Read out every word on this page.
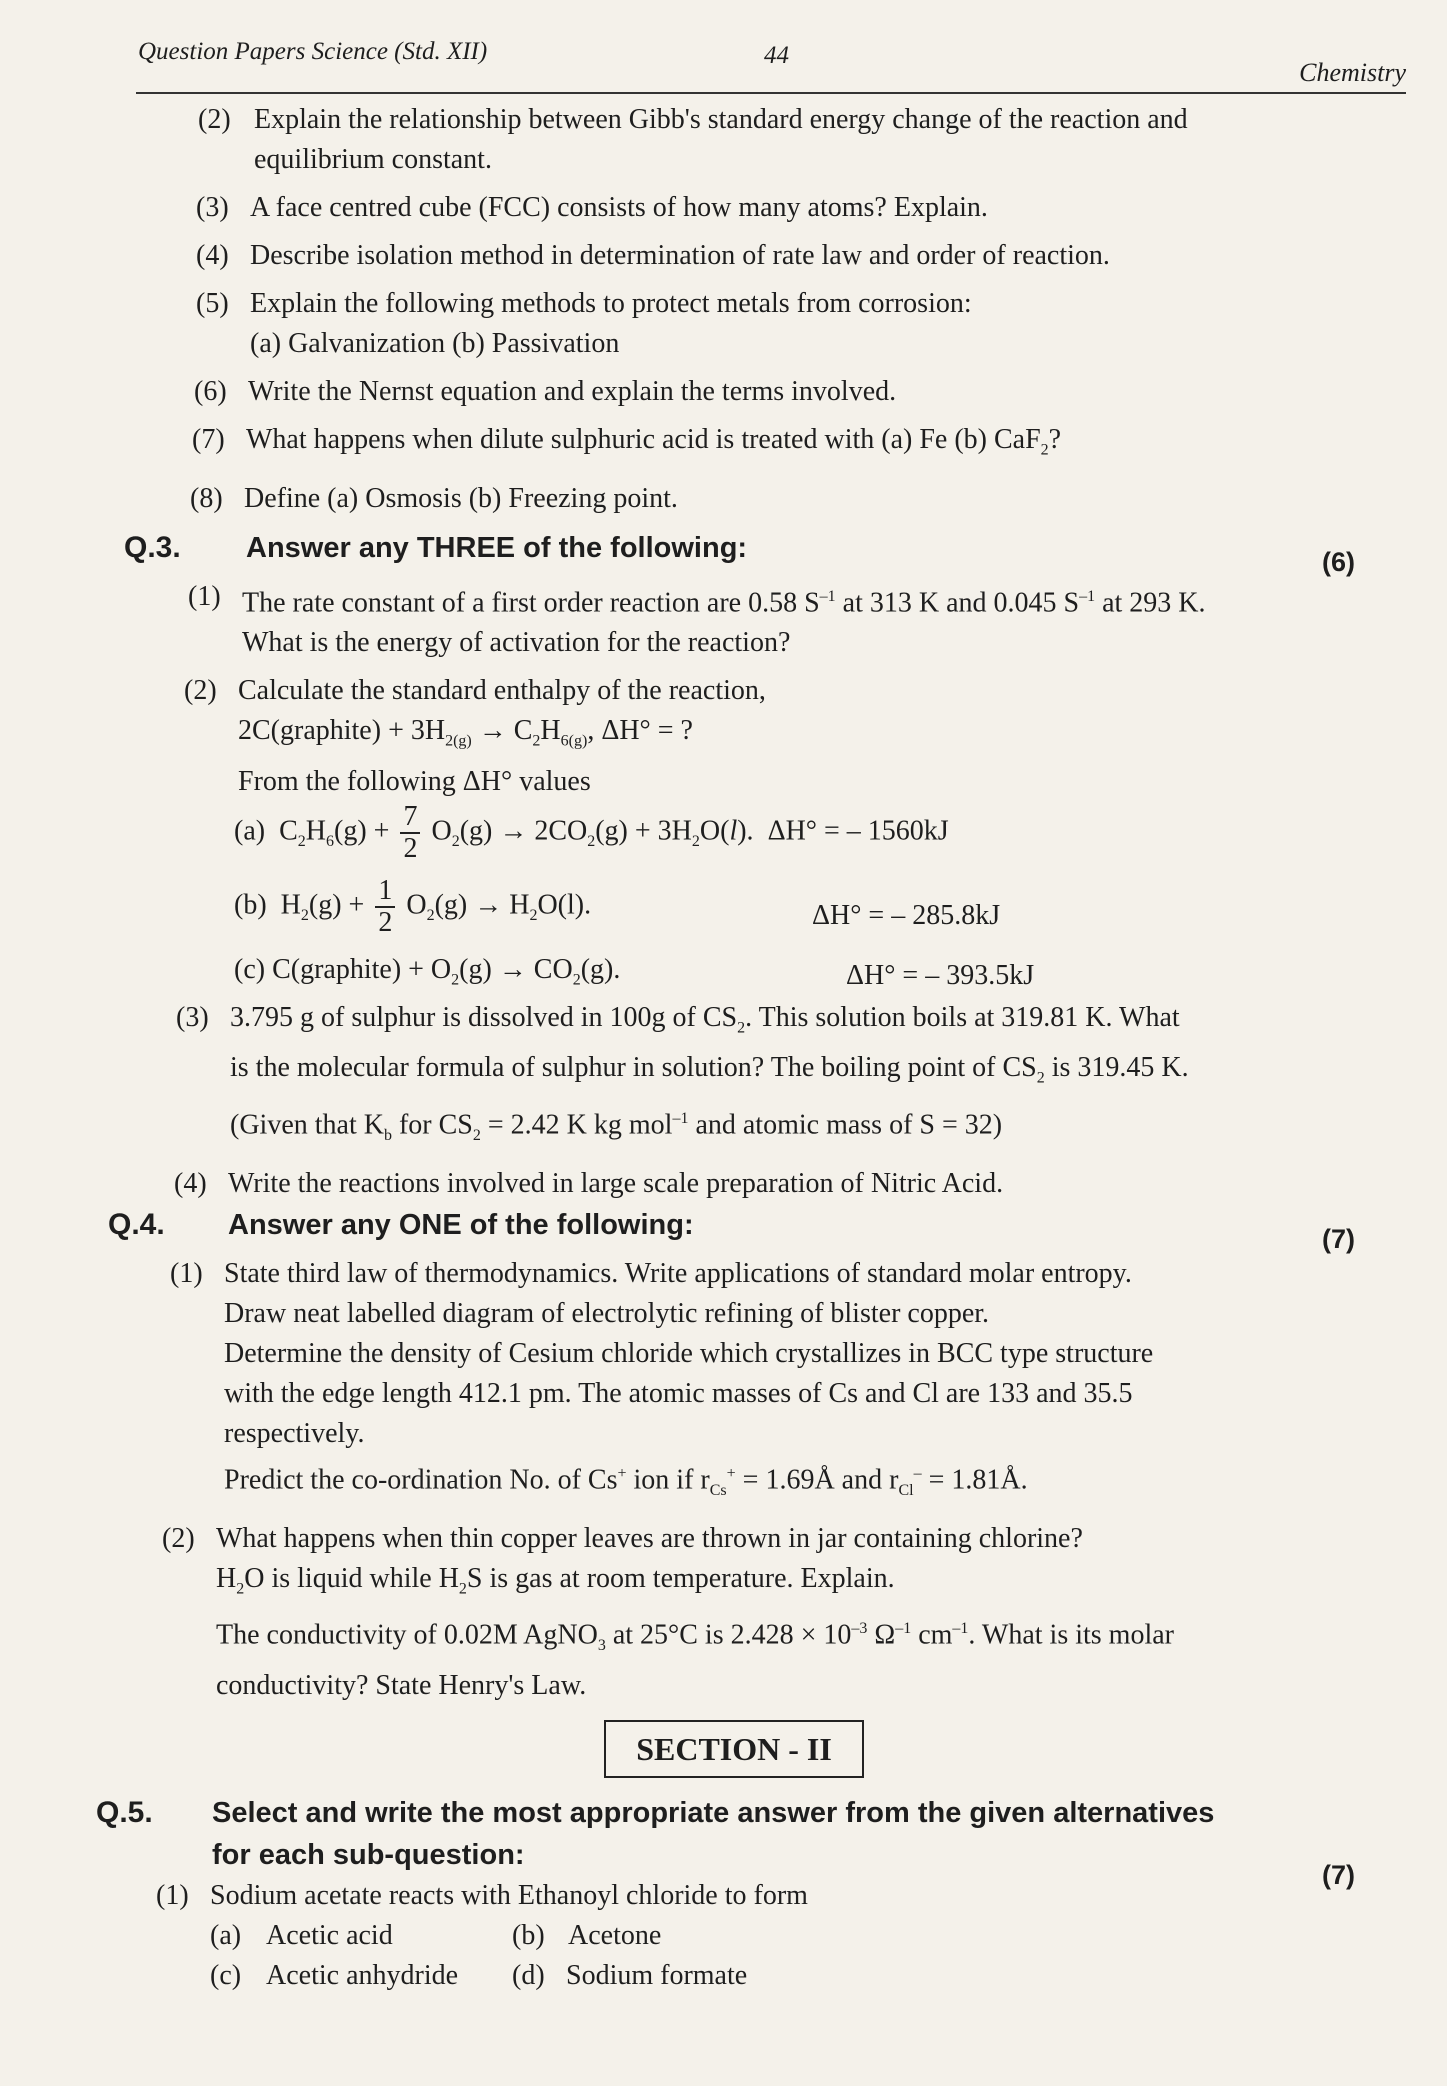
Question Papers Science (Std. XII)	44
Chemistry
(2) Explain the relationship between Gibb's standard energy change of the reaction and
equilibrium constant.
(3) A face centred cube (FCC) consists of how many atoms? Explain.
(4) Describe isolation method in determination of rate law and order of reaction.
(5) Explain the following methods to protect metals from corrosion:
(a) Galvanization (b) Passivation
(6) Write the Nernst equation and explain the terms involved.
(7) What happens when dilute sulphuric acid is treated with (a) Fe (b) CaF$_2$?
(8) Define (a) Osmosis (b) Freezing point.
Q.3. Answer any THREE of the following:	(6)
(1) The rate constant of a first order reaction are 0.58 $S^{-1}$ at 313 K and 0.045 $S^{-1}$ at 293 K.
What is the energy of activation for the reaction?
(2) Calculate the standard enthalpy of the reaction,
2C(graphite) + $3H_{2(g)} \to C_2H_{6(g)}$, ΔH° = ?
From the following ΔH° values
(a)  $C_2H_6(g) + \frac{7}{2} O_2(g) \to 2CO_2(g) + 3H_2O(l)$.  ΔH° = – 1560kJ
(b)  $H_2(g) + \frac{1}{2} O_2(g) \to H_2O(l)$.	ΔH° = – 285.8kJ
(c) C(graphite) + $O_2(g) \to CO_2(g)$.	ΔH° = – 393.5kJ
(3) 3.795 g of sulphur is dissolved in 100g of $CS_2$. This solution boils at 319.81 K. What
is the molecular formula of sulphur in solution? The boiling point of $CS_2$ is 319.45 K.
(Given that $K_b$ for $CS_2 = 2.42$ K kg mol$^{-1}$ and atomic mass of S = 32)
(4) Write the reactions involved in large scale preparation of Nitric Acid.
Q.4. Answer any ONE of the following:	(7)
(1) State third law of thermodynamics. Write applications of standard molar entropy.
Draw neat labelled diagram of electrolytic refining of blister copper.
Determine the density of Cesium chloride which crystallizes in BCC type structure
with the edge length 412.1 pm. The atomic masses of Cs and Cl are 133 and 35.5
respectively.
Predict the co-ordination No. of Cs+ ion if $r_{Cs}^+$ = 1.69Å and $r_{Cl}^-$ = 1.81Å.
(2) What happens when thin copper leaves are thrown in jar containing chlorine?
$H_2O$ is liquid while $H_2S$ is gas at room temperature. Explain.
The conductivity of 0.02M AgNO$_3$ at 25°C is $2.428 \times 10^{-3}$ $\Omega^{-1}$ $cm^{-1}$. What is its molar
conductivity? State Henry's Law.
SECTION - II
Q.5. Select and write the most appropriate answer from the given alternatives
for each sub-question:
(7)
(1) Sodium acetate reacts with Ethanoyl chloride to form
(a) Acetic acid	(b) Acetone
(c) Acetic anhydride (d) Sodium formate
